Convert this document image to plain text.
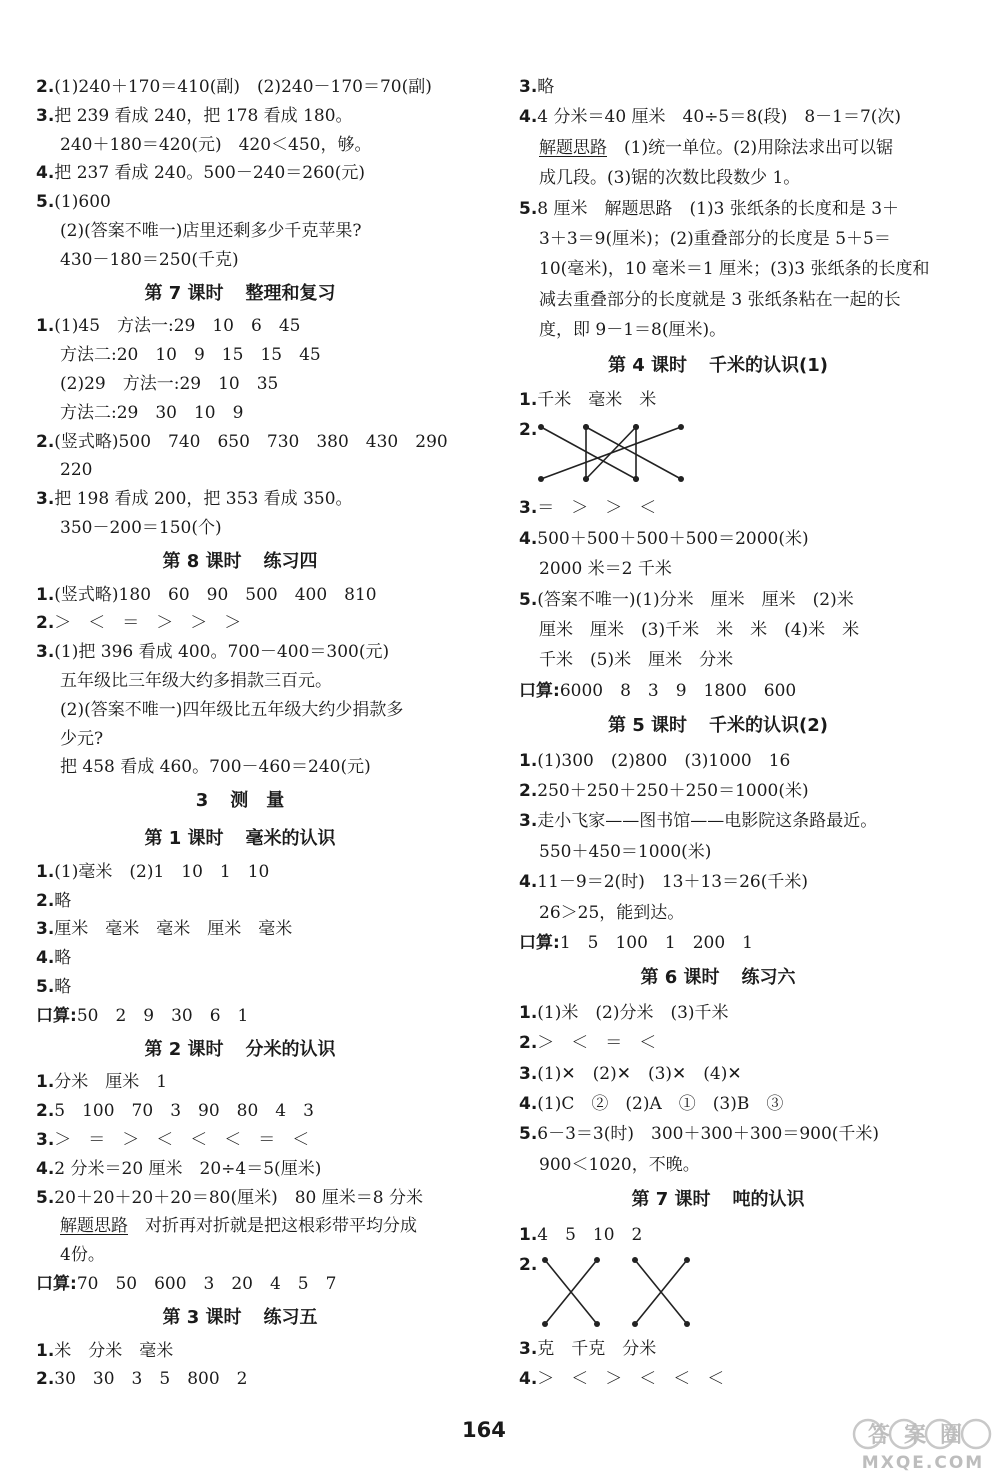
2.(1)240＋170＝410(副)　(2)240－170＝70(副)
3.把 239 看成 240，把 178 看成 180。
240＋180＝420(元)　420＜450，够。
4.把 237 看成 240。500－240＝260(元)
5.(1)600
(2)(答案不唯一)店里还剩多少千克苹果?
430－180＝250(千克)
第 7 课时 整理和复习
1.(1)45　方法一:29　10　6　45
方法二:20　10　9　15　15　45
(2)29　方法一:29　10　35
方法二:29　30　10　9
2.(竖式略)500　740　650　730　380　430　290
220
3.把 198 看成 200，把 353 看成 350。
350－200＝150(个)
第 8 课时 练习四
1.(竖式略)180　60　90　500　400　810
2.＞　＜　＝　＞　＞　＞
3.(1)把 396 看成 400。700－400＝300(元)
五年级比三年级大约多捐款三百元。
(2)(答案不唯一)四年级比五年级大约少捐款多
少元?
把 458 看成 460。700－460＝240(元)
3 测　量
第 1 课时 毫米的认识
1.(1)毫米　(2)1　10　1　10
2.略
3.厘米　毫米　毫米　厘米　毫米
4.略
5.略
口算:50　2　9　30　6　1
第 2 课时 分米的认识
1.分米　厘米　1
2.5　100　70　3　90　80　4　3
3.＞　＝　＞　＜　＜　＜　＝　＜
4.2 分米＝20 厘米　20÷4＝5(厘米)
5.20＋20＋20＋20＝80(厘米)　80 厘米＝8 分米
解题思路　对折再对折就是把这根彩带平均分成
4份。
口算:70　50　600　3　20　4　5　7
第 3 课时 练习五
1.米　分米　毫米
2.30　30　3　5　800　2
3.略
4.4 分米＝40 厘米　40÷5＝8(段)　8－1＝7(次)
解题思路　(1)统一单位。(2)用除法求出可以锯
成几段。(3)锯的次数比段数少 1。
5.8 厘米　解题思路　(1)3 张纸条的长度和是 3＋
3＋3＝9(厘米)；(2)重叠部分的长度是 5＋5＝
10(毫米)，10 毫米＝1 厘米；(3)3 张纸条的长度和
减去重叠部分的长度就是 3 张纸条粘在一起的长
度，即 9－1＝8(厘米)。
第 4 课时 千米的认识(1)
1.千米　毫米　米
2.
3.＝　＞　＞　＜
4.500＋500＋500＋500＝2000(米)
2000 米＝2 千米
5.(答案不唯一)(1)分米　厘米　厘米　(2)米
厘米　厘米　(3)千米　米　米　(4)米　米
千米　(5)米　厘米　分米
口算:6000　8　3　9　1800　600
第 5 课时 千米的认识(2)
1.(1)300　(2)800　(3)1000　16
2.250＋250＋250＋250＝1000(米)
3.走小飞家——图书馆——电影院这条路最近。
550＋450＝1000(米)
4.11－9＝2(时)　13＋13＝26(千米)
26＞25，能到达。
口算:1　5　100　1　200　1
第 6 课时 练习六
1.(1)米　(2)分米　(3)千米
2.＞　＜　＝　＜
3.(1)✕　(2)✕　(3)✕　(4)✕
4.(1)C　②　(2)A　①　(3)B　③
5.6－3＝3(时)　300＋300＋300＝900(千米)
900＜1020，不晚。
第 7 课时 吨的认识
1.4　5　10　2
2.
3.克　千克　分米
4.＞　＜　＞　＜　＜　＜
164	答案圈
MXQE.COM
